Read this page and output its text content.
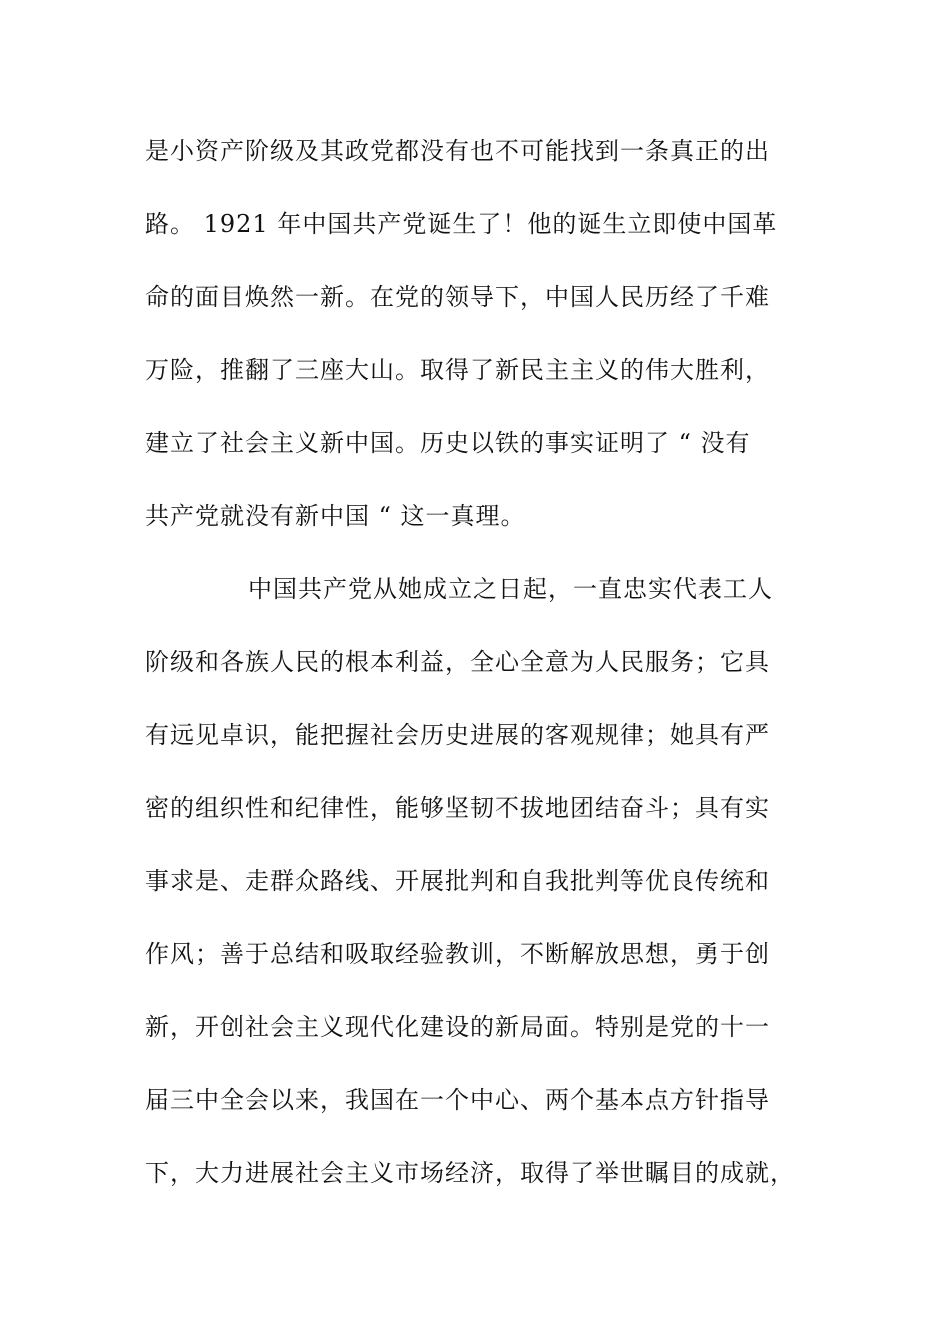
是小资产阶级及其政党都没有也不可能找到一条真正的出
路。 1921 年中国共产党诞生了！他的诞生立即使中国革
命的面目焕然一新。在党的领导下，中国人民历经了千难
万险，推翻了三座大山。取得了新民主主义的伟大胜利，
建立了社会主义新中国。历史以铁的事实证明了 “ 没有
共产党就没有新中国 “ 这一真理。
中国共产党从她成立之日起，一直忠实代表工人
阶级和各族人民的根本利益，全心全意为人民服务；它具
有远见卓识，能把握社会历史进展的客观规律；她具有严
密的组织性和纪律性，能够坚韧不拔地团结奋斗；具有实
事求是、走群众路线、开展批判和自我批判等优良传统和
作风；善于总结和吸取经验教训，不断解放思想，勇于创
新，开创社会主义现代化建设的新局面。特别是党的十一
届三中全会以来，我国在一个中心、两个基本点方针指导
下，大力进展社会主义市场经济，取得了举世瞩目的成就，
